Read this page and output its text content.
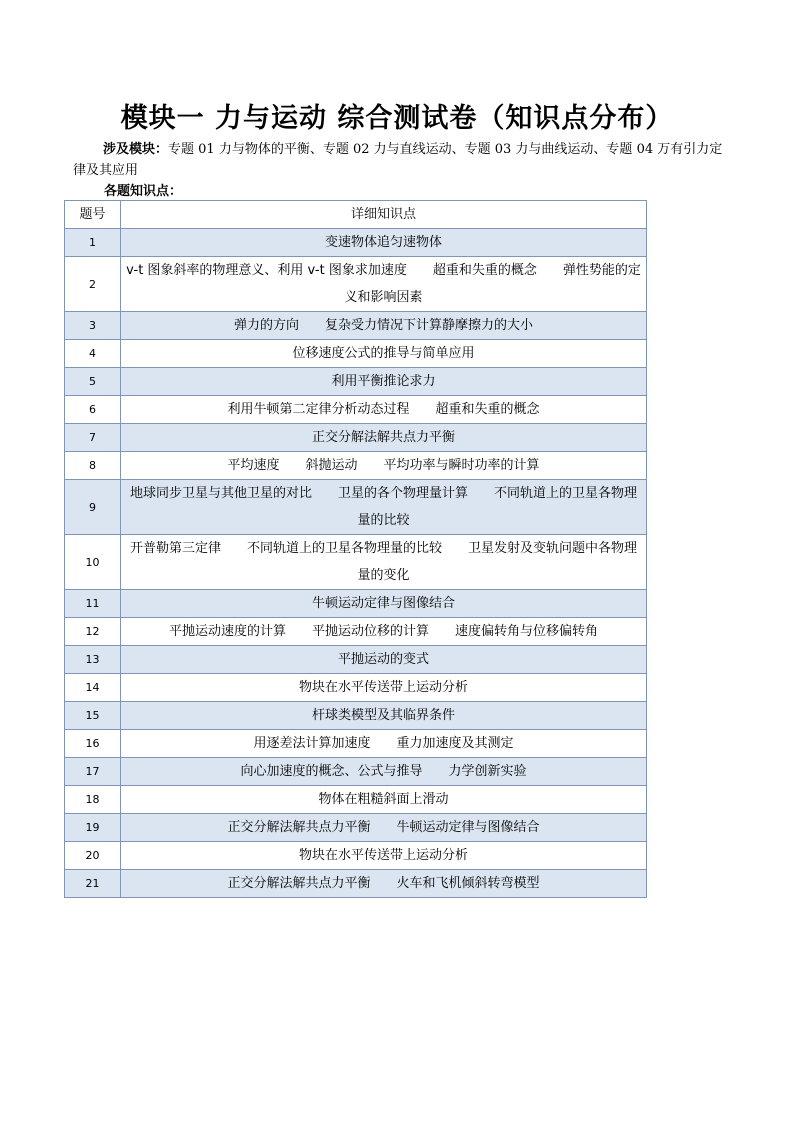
模块一 力与运动 综合测试卷（知识点分布）
涉及模块：专题 01 力与物体的平衡、专题 02 力与直线运动、专题 03 力与曲线运动、专题 04 万有引力定律及其应用
各题知识点：
题号	详细知识点
1	变速物体追匀速物体
2	v-t 图象斜率的物理意义、利用 v-t 图象求加速度　　超重和失重的概念　　弹性势能的定义和影响因素
3	弹力的方向　　复杂受力情况下计算静摩擦力的大小
4	位移速度公式的推导与简单应用
5	利用平衡推论求力
6	利用牛顿第二定律分析动态过程　　超重和失重的概念
7	正交分解法解共点力平衡
8	平均速度　　斜抛运动　　平均功率与瞬时功率的计算
9	地球同步卫星与其他卫星的对比　　卫星的各个物理量计算　　不同轨道上的卫星各物理量的比较
10	开普勒第三定律　　不同轨道上的卫星各物理量的比较　　卫星发射及变轨问题中各物理量的变化
11	牛顿运动定律与图像结合
12	平抛运动速度的计算　　平抛运动位移的计算　　速度偏转角与位移偏转角
13	平抛运动的变式
14	物块在水平传送带上运动分析
15	杆球类模型及其临界条件
16	用逐差法计算加速度　　重力加速度及其测定
17	向心加速度的概念、公式与推导　　力学创新实验
18	物体在粗糙斜面上滑动
19	正交分解法解共点力平衡　　牛顿运动定律与图像结合
20	物块在水平传送带上运动分析
21	正交分解法解共点力平衡　　火车和飞机倾斜转弯模型
